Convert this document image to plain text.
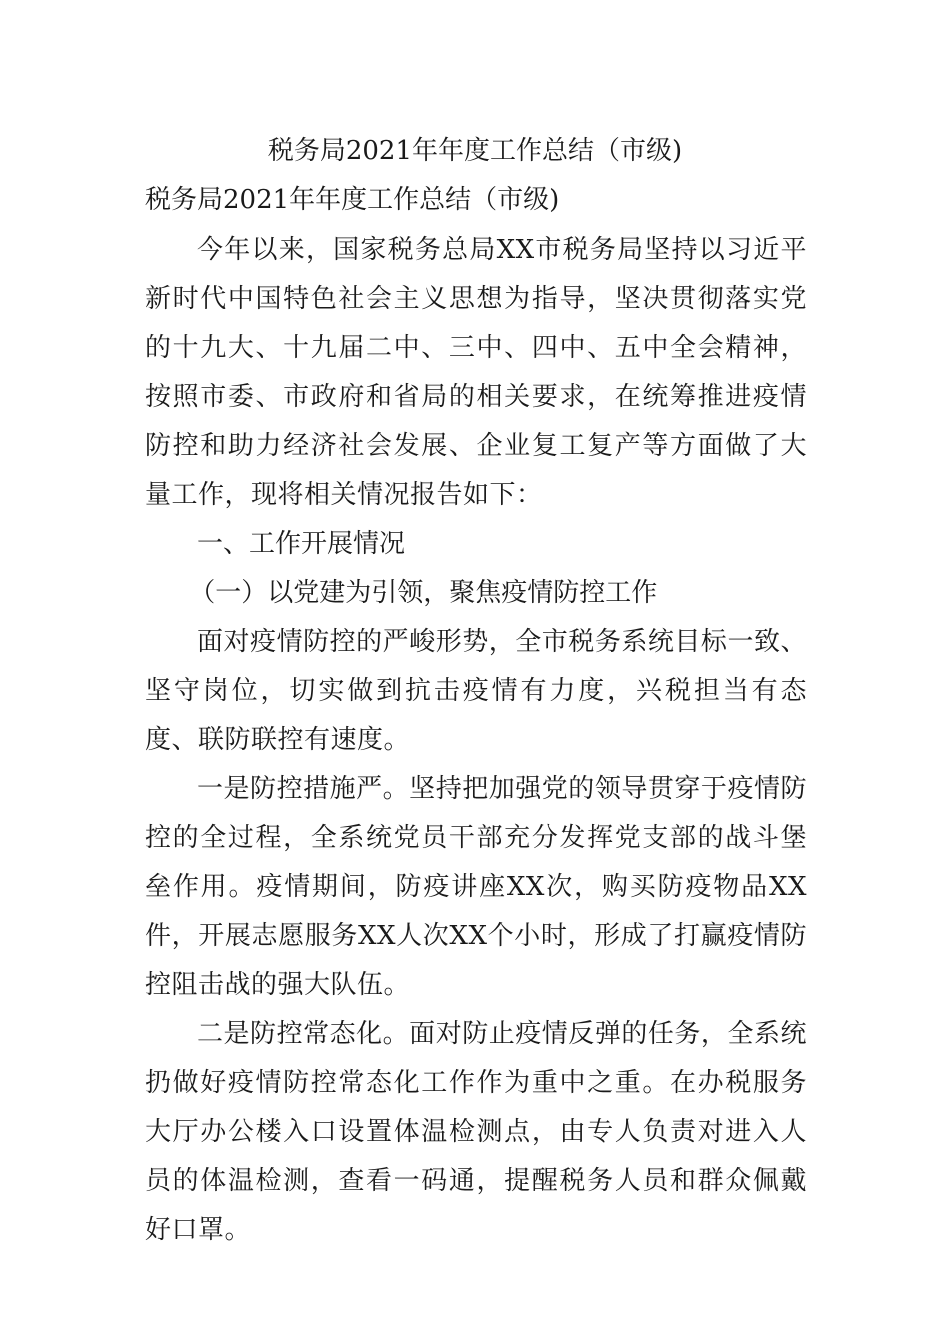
税务局2021年年度工作总结（市级)
税务局2021年年度工作总结（市级)

今年以来，国家税务总局XX市税务局坚持以习近平新时代中国特色社会主义思想为指导，坚决贯彻落实党的十九大、十九届二中、三中、四中、五中全会精神，按照市委、市政府和省局的相关要求，在统筹推进疫情防控和助力经济社会发展、企业复工复产等方面做了大量工作，现将相关情况报告如下：

一、工作开展情况

（一）以党建为引领，聚焦疫情防控工作

面对疫情防控的严峻形势，全市税务系统目标一致、坚守岗位，切实做到抗击疫情有力度，兴税担当有态度、联防联控有速度。

一是防控措施严。坚持把加强党的领导贯穿于疫情防控的全过程，全系统党员干部充分发挥党支部的战斗堡垒作用。疫情期间，防疫讲座XX次，购买防疫物品XX件，开展志愿服务XX人次XX个小时，形成了打赢疫情防控阻击战的强大队伍。

二是防控常态化。面对防止疫情反弹的任务，全系统扔做好疫情防控常态化工作作为重中之重。在办税服务大厅办公楼入口设置体温检测点，由专人负责对进入人员的体温检测，查看一码通，提醒税务人员和群众佩戴好口罩。
